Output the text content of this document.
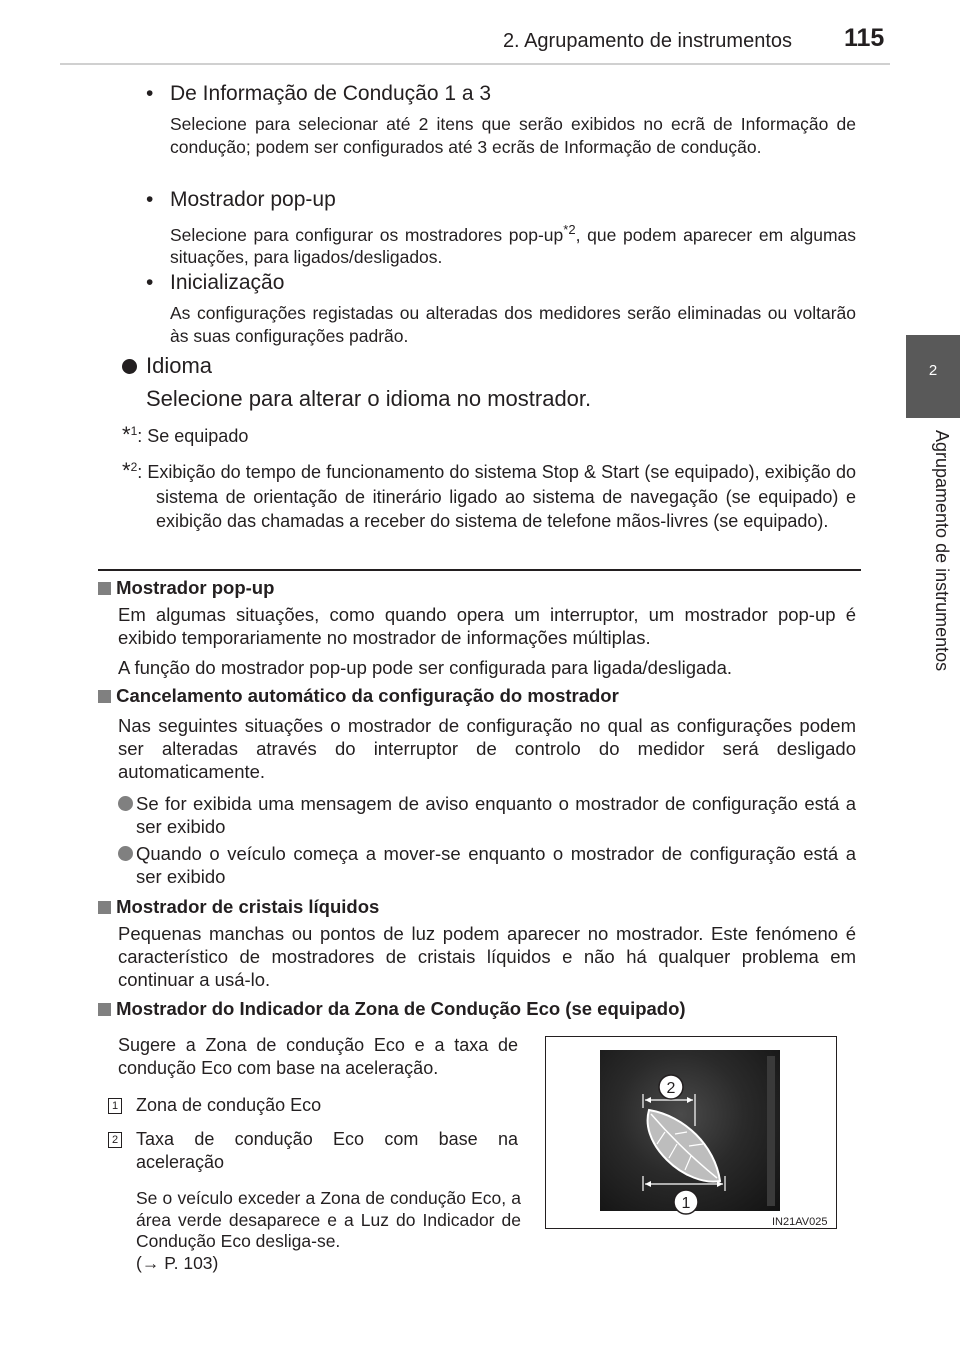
2. Agrupamento de instrumentos 115
2
Agrupamento de instrumentos
• De Informação de Condução 1 a 3
Selecione para selecionar até 2 itens que serão exibidos no ecrã de Informação de condução; podem ser configurados até 3 ecrãs de Informação de condução.
• Mostrador pop-up
Selecione para configurar os mostradores pop-$up^{*2}$, que podem aparecer em algumas situações, para ligados/desligados.
• Inicialização
As configurações registadas ou alteradas dos medidores serão eliminadas ou voltarão às suas configurações padrão.
Idioma
Selecione para alterar o idioma no mostrador.
*$^1$: Se equipado
*$^2$: Exibição do tempo de funcionamento do sistema Stop & Start (se equipado), exibição do sistema de orientação de itinerário ligado ao sistema de navegação (se equipado) e exibição das chamadas a receber do sistema de telefone mãos-livres (se equipado).
Mostrador pop-up
Em algumas situações, como quando opera um interruptor, um mostrador pop-up é exibido temporariamente no mostrador de informações múltiplas.
A função do mostrador pop-up pode ser configurada para ligada/desligada.
Cancelamento automático da configuração do mostrador
Nas seguintes situações o mostrador de configuração no qual as configurações podem ser alteradas através do interruptor de controlo do medidor será desligado automaticamente.
Se for exibida uma mensagem de aviso enquanto o mostrador de configuração está a ser exibido
Quando o veículo começa a mover-se enquanto o mostrador de configuração está a ser exibido
Mostrador de cristais líquidos
Pequenas manchas ou pontos de luz podem aparecer no mostrador. Este fenómeno é característico de mostradores de cristais líquidos e não há qualquer problema em continuar a usá-lo.
Mostrador do Indicador da Zona de Condução Eco (se equipado)
Sugere a Zona de condução Eco e a taxa de condução Eco com base na aceleração.
1 Zona de condução Eco
2 Taxa de condução Eco com base na aceleração
Se o veículo exceder a Zona de condução Eco, a área verde desaparece e a Luz do Indicador de Condução Eco desliga-se.
(→ P. 103)
2
1
IN21AV025
